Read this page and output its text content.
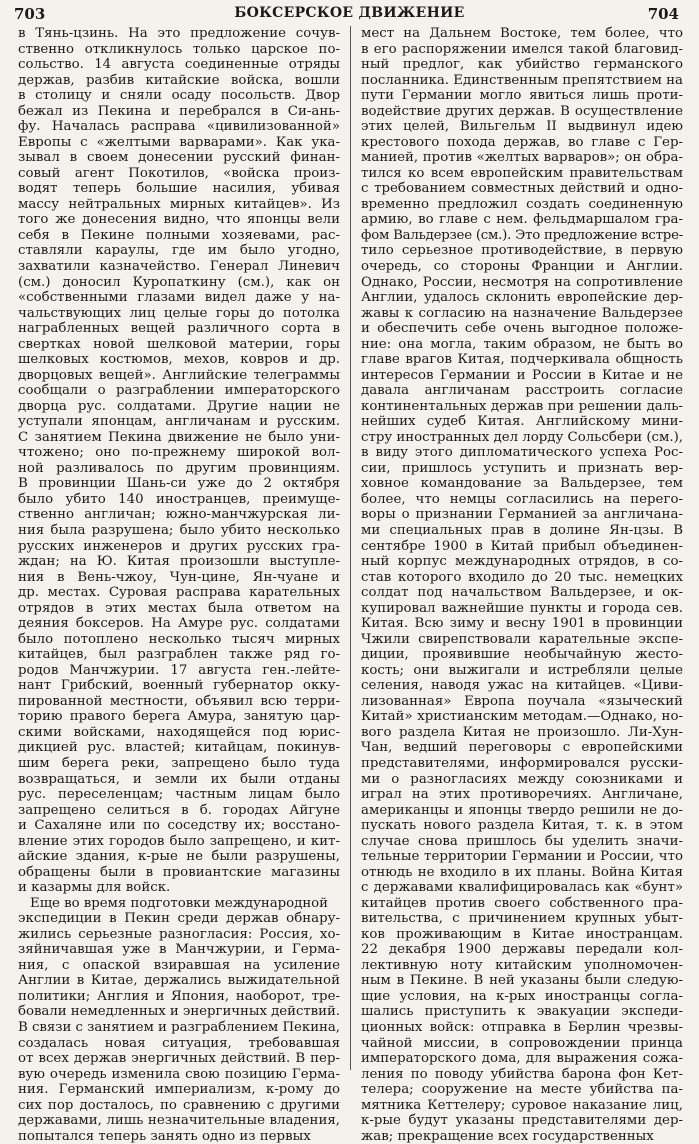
703	БОКСЕРСКОЕ ДВИЖЕНИЕ	704
в Тянь-цзинь. На это предложение сочув-
ственно откликнулось только царское по-
сольство. 14 августа соединенные отряды
держав, разбив китайские войска, вошли
в столицу и сняли осаду посольств. Двор
бежал из Пекина и перебрался в Си-ань-
фу. Началась расправа «цивилизованной»
Европы с «желтыми варварами». Как ука-
зывал в своем донесении русский финан-
совый агент Покотилов, «войска произ-
водят теперь большие насилия, убивая
массу нейтральных мирных китайцев». Из
того же донесения видно, что японцы вели
себя в Пекине полными хозяевами, рас-
ставляли караулы, где им было угодно,
захватили казначейство. Генерал Линевич
(см.) доносил Куропаткину (см.), как он
«собственными глазами видел даже у на-
чальствующих лиц целые горы до потолка
награбленных вещей различного сорта в
свертках новой шелковой материи, горы
шелковых костюмов, мехов, ковров и др.
дворцовых вещей». Английские телеграммы
сообщали о разграблении императорского
дворца рус. солдатами. Другие нации не
уступали японцам, англичанам и русским.
С занятием Пекина движение не было уни-
чтожено; оно по-прежнему широкой вол-
ной разливалось по другим провинциям.
В провинции Шань-си уже до 2 октября
было убито 140 иностранцев, преимуще-
ственно англичан; южно-манчжурская ли-
ния была разрушена; было убито несколько
русских инженеров и других русских гра-
ждан; на Ю. Китая произошли выступле-
ния в Вень-чжоу, Чун-цине, Ян-чуане и
др. местах. Суровая расправа карательных
отрядов в этих местах была ответом на
деяния боксеров. На Амуре рус. солдатами
было потоплено несколько тысяч мирных
китайцев, был разграблен также ряд го-
родов Манчжурии. 17 августа ген.-лейте-
нант Грибский, военный губернатор окку-
пированной местности, объявил всю терри-
торию правого берега Амура, занятую цар-
скими войсками, находящейся под юрис-
дикцией рус. властей; китайцам, покинув-
шим берега реки, запрещено было туда
возвращаться, и земли их были отданы
рус. переселенцам; частным лицам было
запрещено селиться в б. городах Айгуне
и Сахаляне или по соседству их; восстано-
вление этих городов было запрещено, и кит-
айские здания, к-рые не были разрушены,
обращены были в провиантские магазины
и казармы для войск.
Еще во время подготовки международной
экспедиции в Пекин среди держав обнару-
жились серьезные разногласия: Россия, хо-
зяйничавшая уже в Манчжурии, и Герма-
ния, с опаской взиравшая на усиление
Англии в Китае, держались выжидательной
политики; Англия и Япония, наоборот, тре-
бовали немедленных и энергичных действий.
В связи с занятием и разграблением Пекина,
создалась новая ситуация, требовавшая
от всех держав энергичных действий. В пер-
вую очередь изменила свою позицию Герма-
ния. Германский империализм, к-рому до
сих пор досталось, по сравнению с другими
державами, лишь незначительные владения,
попытался теперь занять одно из первых
мест на Дальнем Востоке, тем более, что
в его распоряжении имелся такой благовид-
ный предлог, как убийство германского
посланника. Единственным препятствием на
пути Германии могло явиться лишь проти-
водействие других держав. В осуществление
этих целей, Вильгельм II выдвинул идею
крестового похода держав, во главе с Гер-
манией, против «желтых варваров»; он обра-
тился ко всем европейским правительствам
с требованием совместных действий и одно-
временно предложил создать соединенную
армию, во главе с нем. фельдмаршалом гра-
фом Вальдерзее (см.). Это предложение встре-
тило серьезное противодействие, в первую
очередь, со стороны Франции и Англии.
Однако, России, несмотря на сопротивление
Англии, удалось склонить европейские дер-
жавы к согласию на назначение Вальдерзее
и обеспечить себе очень выгодное положе-
ние: она могла, таким образом, не быть во
главе врагов Китая, подчеркивала общность
интересов Германии и России в Китае и не
давала англичанам расстроить согласие
континентальных держав при решении даль-
нейших судеб Китая. Английскому мини-
стру иностранных дел лорду Сольсбери (см.),
в виду этого дипломатического успеха Рос-
сии, пришлось уступить и признать вер-
ховное командование за Вальдерзее, тем
более, что немцы согласились на перего-
воры о признании Германией за англичана-
ми специальных прав в долине Ян-цзы. В
сентябре 1900 в Китай прибыл объединен-
ный корпус международных отрядов, в со-
став которого входило до 20 тыс. немецких
солдат под начальством Вальдерзее, и ок-
купировал важнейшие пункты и города сев.
Китая. Всю зиму и весну 1901 в провинции
Чжили свирепствовали карательные экспе-
диции, проявившие необычайную жесто-
кость; они выжигали и истребляли целые
селения, наводя ужас на китайцев. «Циви-
лизованная» Европа поучала «языческий
Китай» христианским методам.—Однако, но-
вого раздела Китая не произошло. Ли-Хун-
Чан, ведший переговоры с европейскими
представителями, информировался русски-
ми о разногласиях между союзниками и
играл на этих противоречиях. Англичане,
американцы и японцы твердо решили не до-
пускать нового раздела Китая, т. к. в этом
случае снова пришлось бы уделить значи-
тельные территории Германии и России, что
отнюдь не входило в их планы. Война Китая
с державами квалифицировалась как «бунт»
китайцев против своего собственного пра-
вительства, с причинением крупных убыт-
ков проживающим в Китае иностранцам.
22 декабря 1900 державы передали кол-
лективную ноту китайским уполномочен-
ным в Пекине. В ней указаны были следую-
щие условия, на к-рых иностранцы согла-
шались приступить к эвакуации экспеди-
ционных войск: отправка в Берлин чрезвы-
чайной миссии, в сопровождении принца
императорского дома, для выражения сожа-
ления по поводу убийства барона фон Кет-
телера; сооружение на месте убийства па-
мятника Кеттелеру; суровое наказание лиц,
к-рые будут указаны представителями дер-
жав; прекращение всех государственных
